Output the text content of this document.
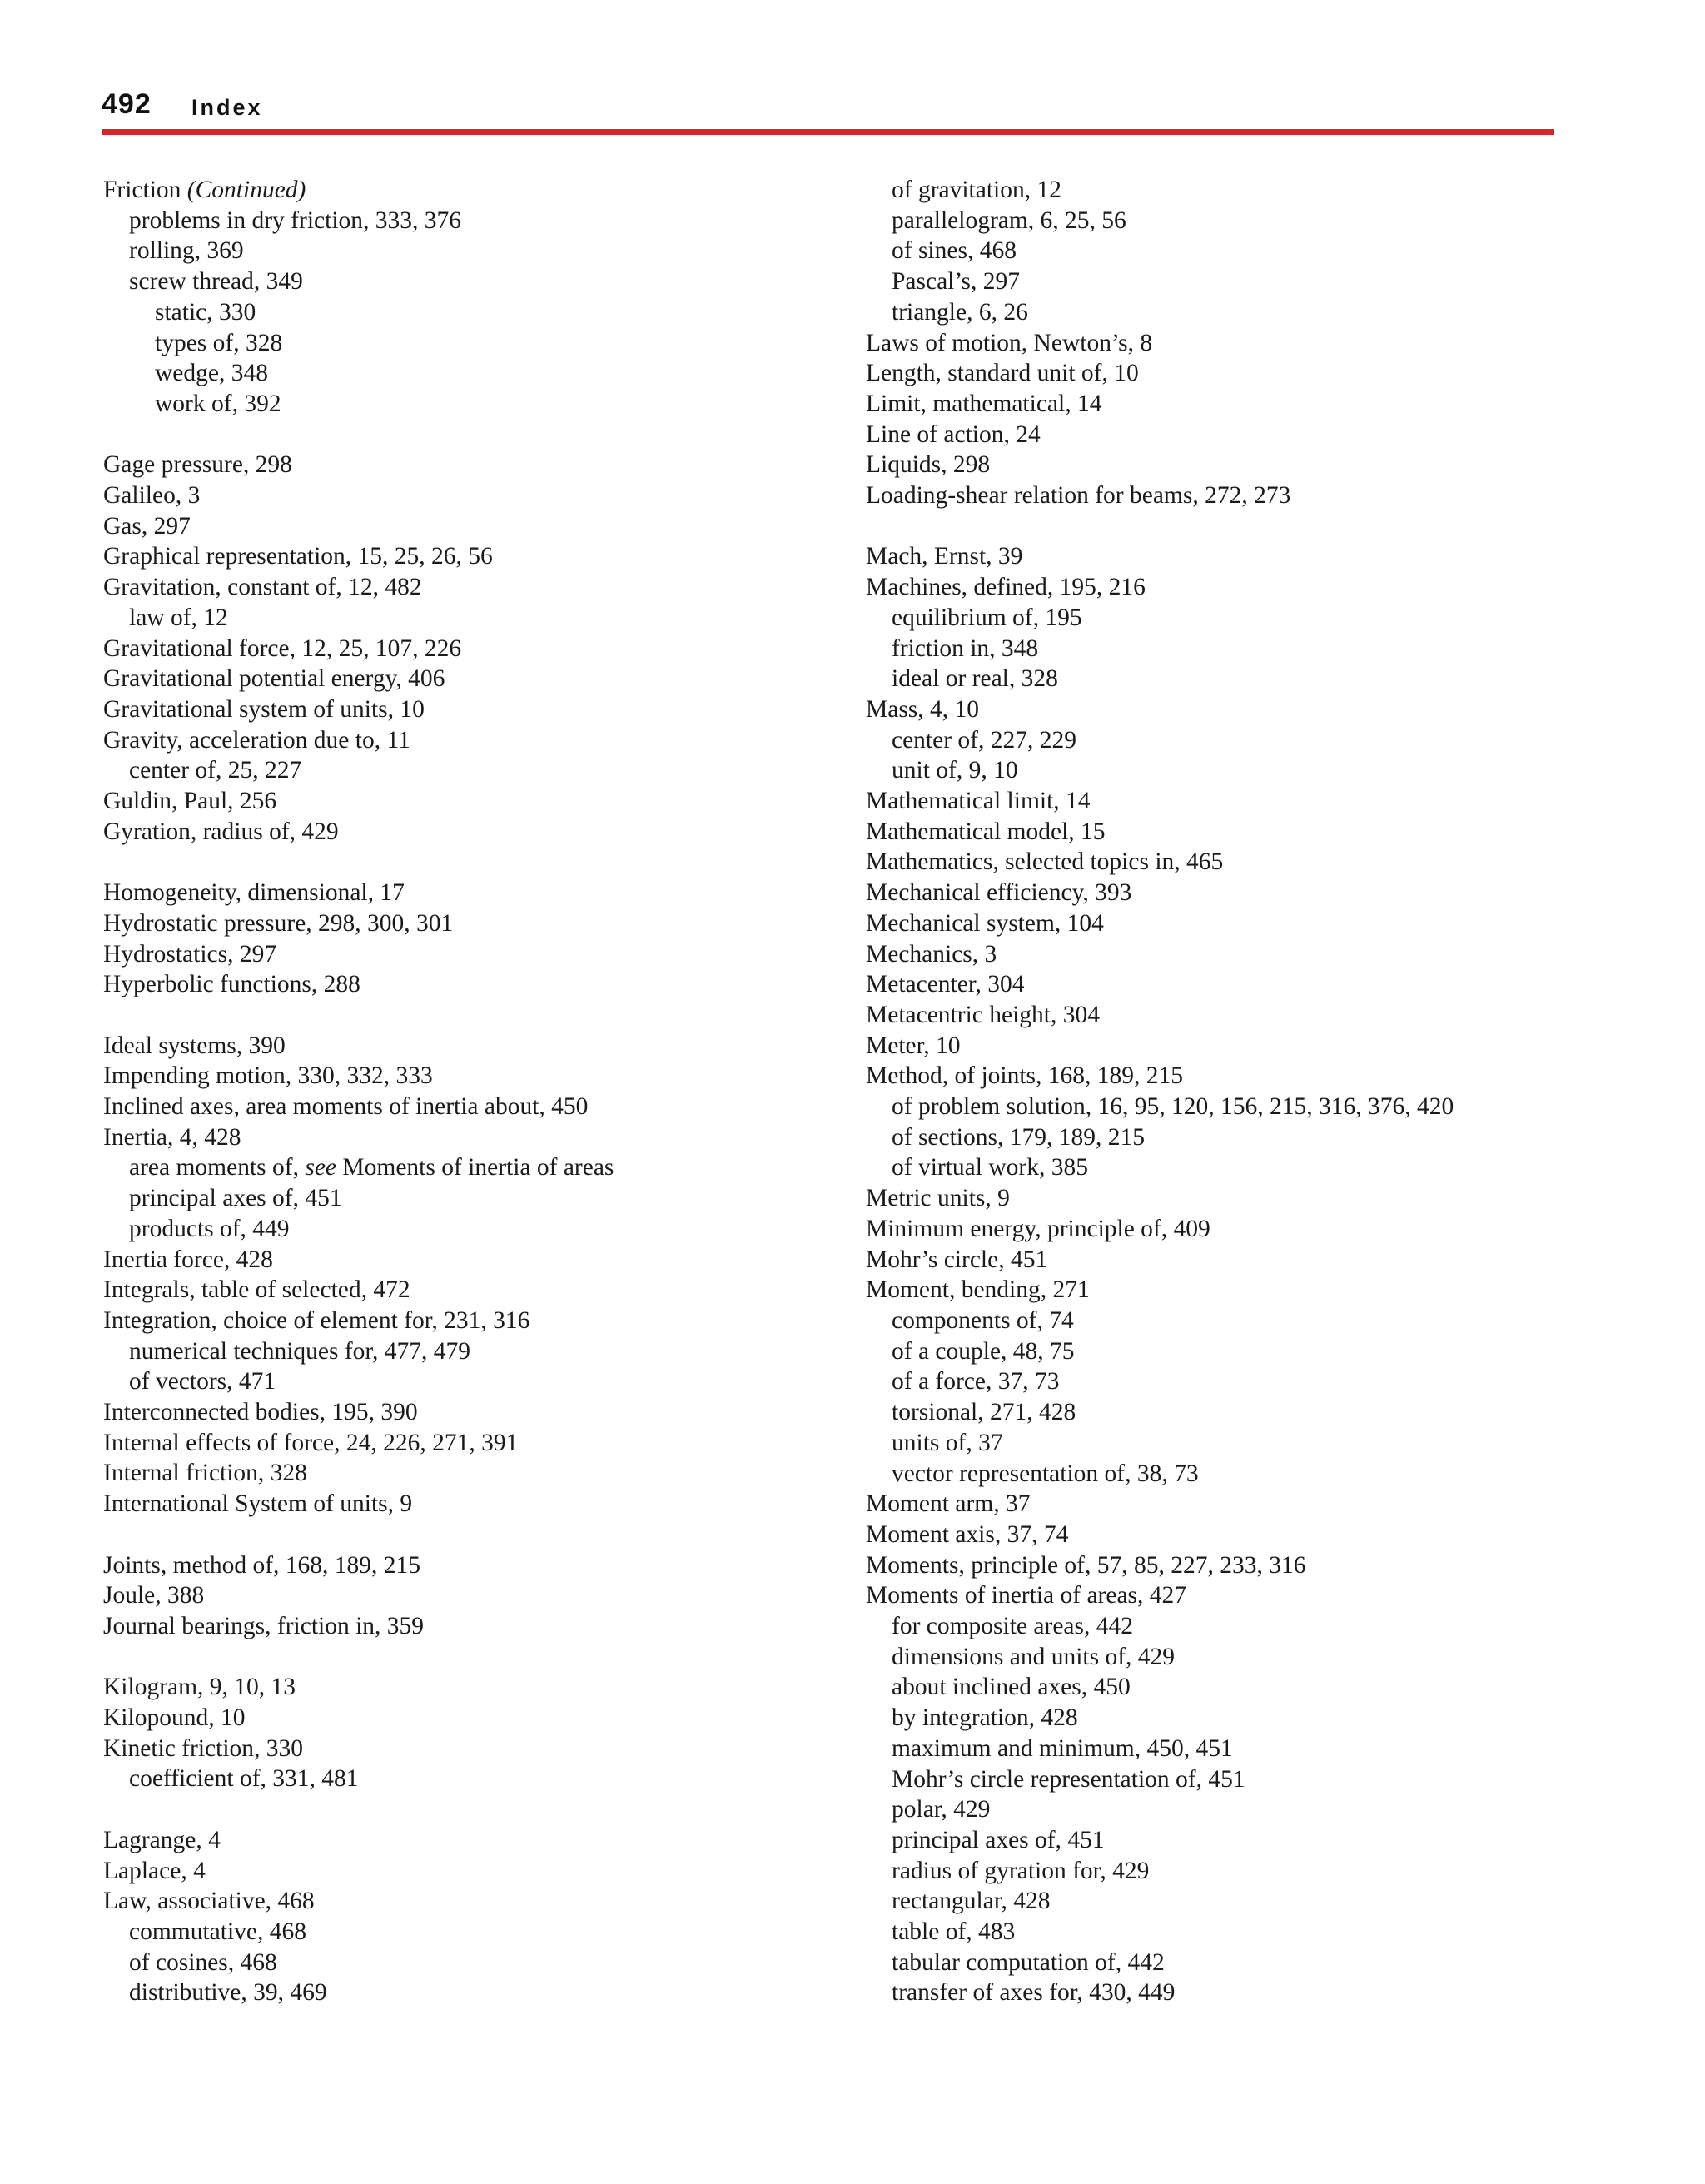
492 Index
Friction (Continued)
problems in dry friction, 333, 376
rolling, 369
screw thread, 349
static, 330
types of, 328
wedge, 348
work of, 392
Gage pressure, 298
Galileo, 3
Gas, 297
Graphical representation, 15, 25, 26, 56
Gravitation, constant of, 12, 482
law of, 12
Gravitational force, 12, 25, 107, 226
Gravitational potential energy, 406
Gravitational system of units, 10
Gravity, acceleration due to, 11
center of, 25, 227
Guldin, Paul, 256
Gyration, radius of, 429
Homogeneity, dimensional, 17
Hydrostatic pressure, 298, 300, 301
Hydrostatics, 297
Hyperbolic functions, 288
Ideal systems, 390
Impending motion, 330, 332, 333
Inclined axes, area moments of inertia about, 450
Inertia, 4, 428
area moments of, see Moments of inertia of areas
principal axes of, 451
products of, 449
Inertia force, 428
Integrals, table of selected, 472
Integration, choice of element for, 231, 316
numerical techniques for, 477, 479
of vectors, 471
Interconnected bodies, 195, 390
Internal effects of force, 24, 226, 271, 391
Internal friction, 328
International System of units, 9
Joints, method of, 168, 189, 215
Joule, 388
Journal bearings, friction in, 359
Kilogram, 9, 10, 13
Kilopound, 10
Kinetic friction, 330
coefficient of, 331, 481
Lagrange, 4
Laplace, 4
Law, associative, 468
commutative, 468
of cosines, 468
distributive, 39, 469
of gravitation, 12
parallelogram, 6, 25, 56
of sines, 468
Pascal’s, 297
triangle, 6, 26
Laws of motion, Newton’s, 8
Length, standard unit of, 10
Limit, mathematical, 14
Line of action, 24
Liquids, 298
Loading-shear relation for beams, 272, 273
Mach, Ernst, 39
Machines, defined, 195, 216
equilibrium of, 195
friction in, 348
ideal or real, 328
Mass, 4, 10
center of, 227, 229
unit of, 9, 10
Mathematical limit, 14
Mathematical model, 15
Mathematics, selected topics in, 465
Mechanical efficiency, 393
Mechanical system, 104
Mechanics, 3
Metacenter, 304
Metacentric height, 304
Meter, 10
Method, of joints, 168, 189, 215
of problem solution, 16, 95, 120, 156, 215, 316, 376, 420
of sections, 179, 189, 215
of virtual work, 385
Metric units, 9
Minimum energy, principle of, 409
Mohr’s circle, 451
Moment, bending, 271
components of, 74
of a couple, 48, 75
of a force, 37, 73
torsional, 271, 428
units of, 37
vector representation of, 38, 73
Moment arm, 37
Moment axis, 37, 74
Moments, principle of, 57, 85, 227, 233, 316
Moments of inertia of areas, 427
for composite areas, 442
dimensions and units of, 429
about inclined axes, 450
by integration, 428
maximum and minimum, 450, 451
Mohr’s circle representation of, 451
polar, 429
principal axes of, 451
radius of gyration for, 429
rectangular, 428
table of, 483
tabular computation of, 442
transfer of axes for, 430, 449
